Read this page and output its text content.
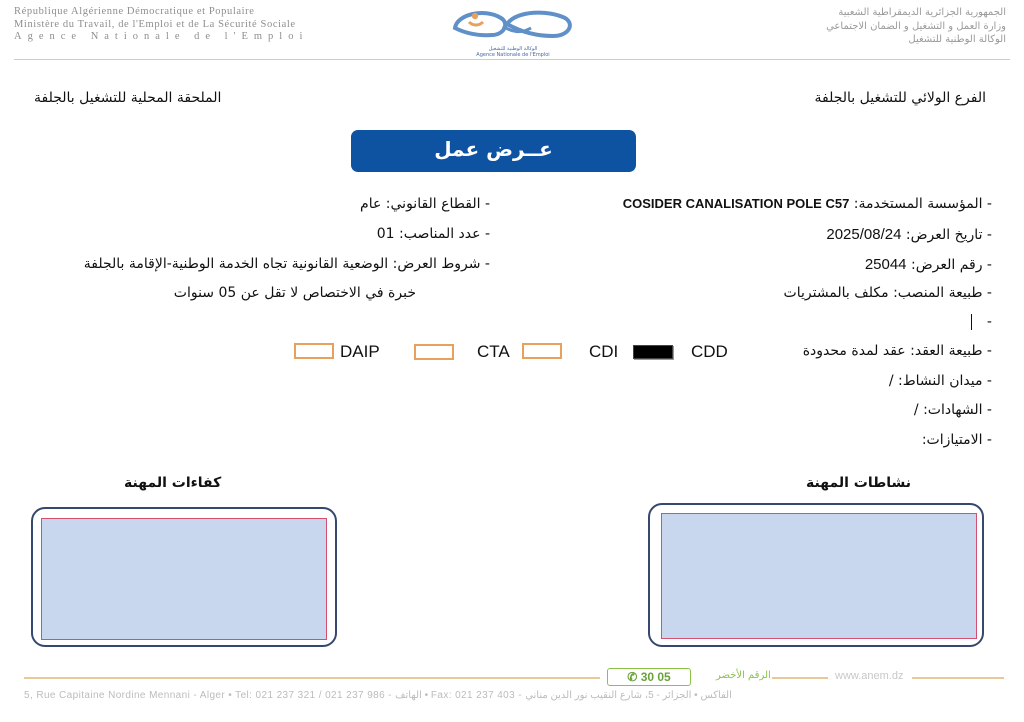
République Algérienne Démocratique et Populaire
Ministère du Travail, de l'Emploi et de La Sécurité Sociale
Agence Nationale de l'Emploi
الوكالة الوطنية للتشغيل
Agence Nationale de l'Emploi
الجمهورية الجزائرية الديمقراطية الشعبية
وزارة العمل و التشغيل و الضمان الاجتماعي
الوكالة الوطنية للتشغيل
الفرع الولائي للتشغيل بالجلفة
الملحقة المحلية للتشغيل بالجلفة
عــرض عمل
- المؤسسة المستخدمة: COSIDER CANALISATION POLE C57
- تاريخ العرض: 2025/08/24
- رقم العرض: 25044
- طبيعة المنصب: مكلف بالمشتريات
-
- طبيعة العقد: عقد لمدة محدودة
- ميدان النشاط: /
- الشهادات: /
- الامتيازات:
- القطاع القانوني: عام
- عدد المناصب: 01
- شروط العرض: الوضعية القانونية تجاه الخدمة الوطنية-الإقامة بالجلفة
خبرة في الاختصاص لا تقل عن 05 سنوات
CDD
CDI
CTA
DAIP
نشاطات المهنة
كفاءات المهنة
✆ 30 05	الرقم الأخضر	www.anem.dz
5, Rue Capitaine Nordine Mennani - Alger • Tel: 021 237 321 / 021 237 986 - الهاتف • Fax: 021 237 403 - الفاكس • الجزائر - 5، شارع النقيب نور الدين مناني
